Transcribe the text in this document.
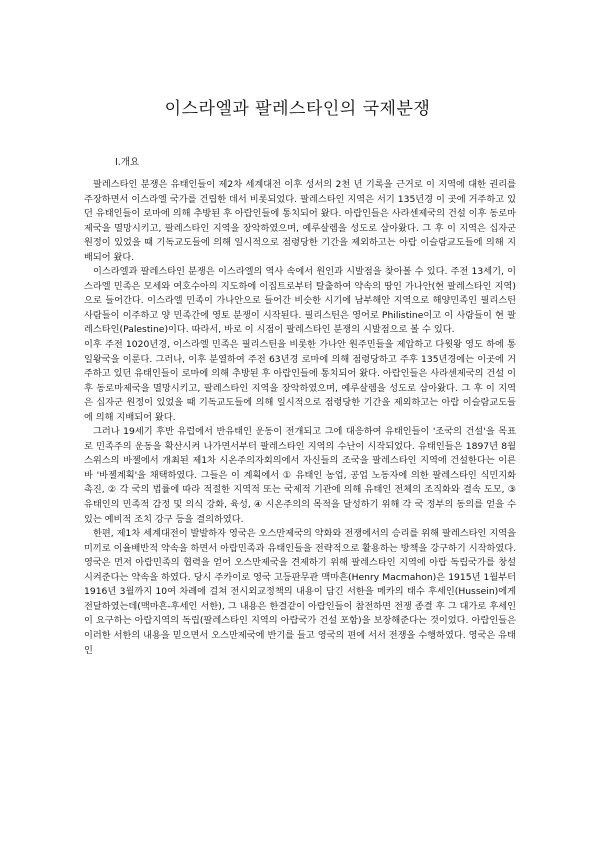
이스라엘과 팔레스타인의 국제분쟁
Ⅰ.개요

팔레스타인 분쟁은 유태인들이 제2차 세계대전 이후 성서의 2천 년 기록을 근거로 이 지역에 대한 권리를 주장하면서 이스라엘 국가를 건립한 데서 비롯되었다. 팔레스타인 지역은 서기 135년경 이 곳에 거주하고 있던 유태인들이 로마에 의해 추방된 후 아랍인들에 통치되어 왔다. 아랍인들은 사라센제국의 건설 이후 동로마제국을 멸망시키고, 팔레스타인 지역을 장악하였으며, 예루살렘을 성도로 삼아왔다. 그 후 이 지역은 십자군 원정이 있었을 때 기독교도들에 의해 일시적으로 점령당한 기간을 제외하고는 아랍 이슬람교도들에 의해 지배되어 왔다.

이스라엘과 팔레스타인 분쟁은 이스라엘의 역사 속에서 원인과 시발점을 찾아볼 수 있다. 주전 13세기, 이스라엘 민족은 모세와 여호수아의 지도하에 이집트로부터 탈출하여 약속의 땅인 가나안(현 팔레스타인 지역)으로 들어간다. 이스라엘 민족이 가나안으로 들어간 비슷한 시기에 남부해안 지역으로 해양민족인 필리스틴 사람들이 이주하고 양 민족간에 영토 분쟁이 시작된다. 필리스틴은 영어로 Philistine이고 이 사람들이 현 팔레스타인(Palestine)이다. 따라서, 바로 이 시점이 팔레스타인 분쟁의 시발점으로 볼 수 있다.

이후 주전 1020년경, 이스라엘 민족은 필리스틴을 비롯한 가나안 원주민들을 제압하고 다윗왕 영도 하에 통일왕국을 이룬다. 그러나, 이후 분열하여 주전 63년경 로마에 의해 점령당하고 주후 135년경에는 이곳에 거주하고 있던 유태인들이 로마에 의해 추방된 후 아랍인들에 통치되어 왔다. 아랍인들은 사라센제국의 건설 이후 동로마제국을 멸망시키고, 팔레스타인 지역을 장악하였으며, 예루살렘을 성도로 삼아왔다. 그 후 이 지역은 십자군 원정이 있었을 때 기독교도들에 의해 일시적으로 점령당한 기간을 제외하고는 아랍 이슬람교도들에 의해 지배되어 왔다.

그러나 19세기 후반 유럽에서 반유태인 운동이 전개되고 그에 대응하여 유태인들이 '조국의 건설'을 목표로 민족주의 운동을 확산시켜 나가면서부터 팔레스타인 지역의 수난이 시작되었다. 유태인들은 1897년 8월 스위스의 바젤에서 개최된 제1차 시온주의자회의에서 자신들의 조국을 팔레스타인 지역에 건설한다는 이른바 '바젤계획'을 채택하였다. 그들은 이 계획에서 ① 유태인 농업, 공업 노동자에 의한 팔레스타인 식민지화 촉진, ② 각 국의 법률에 따라 적절한 지역적 또는 국제적 기관에 의해 유태인 전체의 조직화와 결속 도모, ③ 유태인의 민족적 감정 및 의식 강화, 육성, ④ 시온주의의 목적을 달성하기 위해 각 국 정부의 동의를 얻을 수 있는 예비적 조치 강구 등을 결의하였다.

한편, 제1차 세계대전이 발발하자 영국은 오스만제국의 약화와 전쟁에서의 승리를 위해 팔레스타인 지역을 미끼로 이율배반적 약속을 하면서 아랍민족과 유태인들을 전략적으로 활용하는 방책을 강구하기 시작하였다. 영국은 먼저 아랍민족의 협력을 얻어 오스만제국을 견제하기 위해 팔레스타인 지역에 아랍 독립국가를 창설시켜준다는 약속을 하였다. 당시 주카이로 영국 고등판무관 맥마흔(Henry Macmahon)은 1915년 1월부터 1916년 3월까지 10여 차례에 걸쳐 전시외교정책의 내용이 담긴 서한을 메카의 태수 후세인(Hussein)에게 전달하였는데(맥마흔-후세인 서한), 그 내용은 한결같이 아랍인들이 참전하면 전쟁 종결 후 그 대가로 후세인이 요구하는 아랍지역의 독립(팔레스타인 지역의 아랍국가 건설 포함)을 보장해준다는 것이었다. 아랍인들은 이러한 서한의 내용을 믿으면서 오스만제국에 반기를 들고 영국의 편에 서서 전쟁을 수행하였다. 영국은 유태인
